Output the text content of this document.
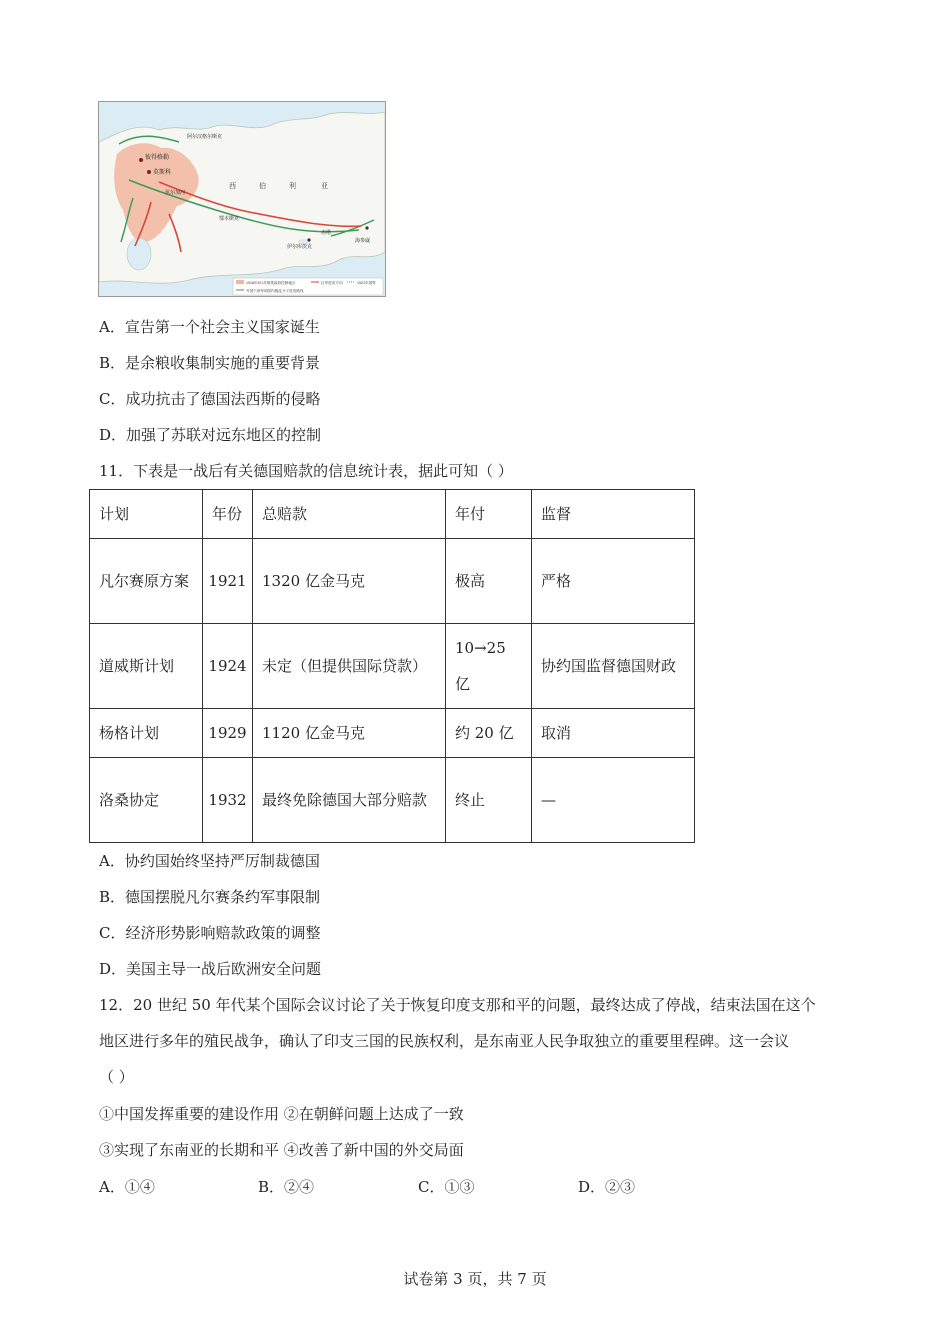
彼得格勒
莫斯科
西	伯	利	亚
阿尔汉格尔斯克
伏尔加河
鄂木斯克
伊尔库茨克
赤塔
海参崴
1918年8月苏维埃政府控制地区
外国干涉军和国内叛乱分子进攻路线
红军进攻方向	1921年国界
A．宣告第一个社会主义国家诞生
B．是余粮收集制实施的重要背景
C．成功抗击了德国法西斯的侵略
D．加强了苏联对远东地区的控制
11．下表是一战后有关德国赔款的信息统计表，据此可知（ ）
计划	年份	总赔款	年付	监督
凡尔赛原方案	1921	1320 亿金马克	极高	严格
道威斯计划	1924	未定（但提供国际贷款）	10→25 亿	协约国监督德国财政
杨格计划	1929	1120 亿金马克	约 20 亿	取消
洛桑协定	1932	最终免除德国大部分赔款	终止	—
A．协约国始终坚持严厉制裁德国
B．德国摆脱凡尔赛条约军事限制
C．经济形势影响赔款政策的调整
D．美国主导一战后欧洲安全问题
12．20 世纪 50 年代某个国际会议讨论了关于恢复印度支那和平的问题，最终达成了停战，结束法国在这个
地区进行多年的殖民战争，确认了印支三国的民族权利，是东南亚人民争取独立的重要里程碑。这一会议
（ ）
①中国发挥重要的建设作用 ②在朝鲜问题上达成了一致
③实现了东南亚的长期和平 ④改善了新中国的外交局面
A．①④	B．②④	C．①③	D．②③
试卷第 3 页，共 7 页
